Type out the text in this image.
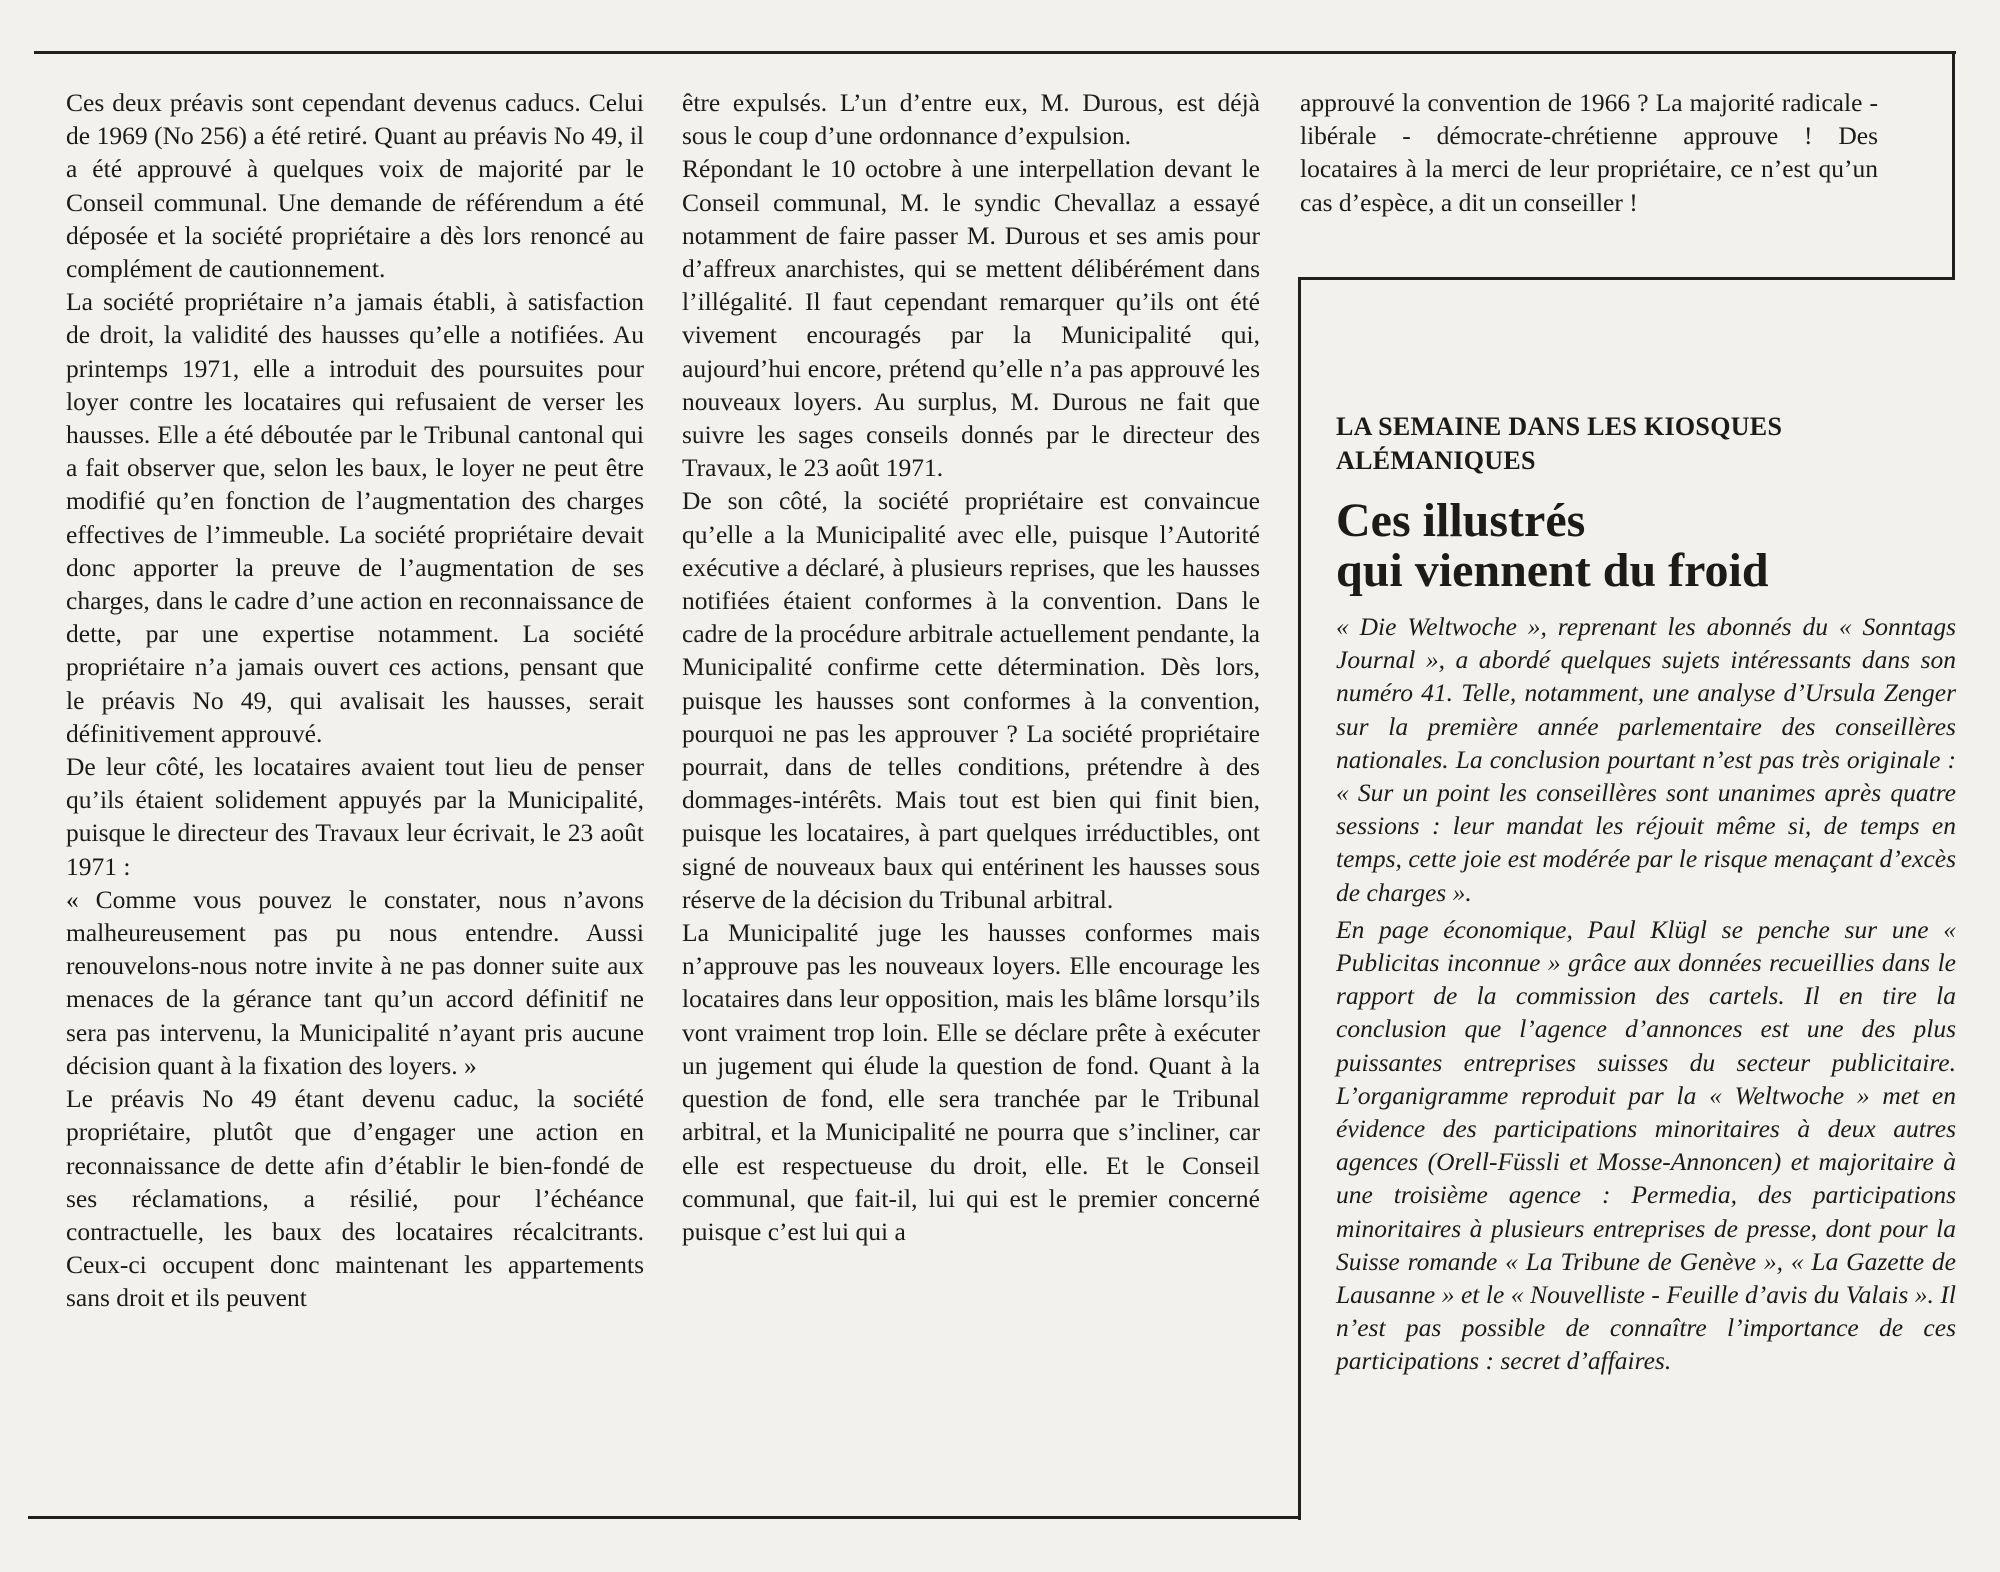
Ces deux préavis sont cependant devenus caducs. Celui de 1969 (No 256) a été retiré. Quant au préavis No 49, il a été approuvé à quelques voix de majorité par le Conseil communal. Une demande de référendum a été déposée et la société propriétaire a dès lors renoncé au complément de cautionnement.

La société propriétaire n’a jamais établi, à satisfaction de droit, la validité des hausses qu’elle a notifiées. Au printemps 1971, elle a introduit des poursuites pour loyer contre les locataires qui refusaient de verser les hausses. Elle a été déboutée par le Tribunal cantonal qui a fait observer que, selon les baux, le loyer ne peut être modifié qu’en fonction de l’augmentation des charges effectives de l’immeuble. La société propriétaire devait donc apporter la preuve de l’augmentation de ses charges, dans le cadre d’une action en reconnaissance de dette, par une expertise notamment. La société propriétaire n’a jamais ouvert ces actions, pensant que le préavis No 49, qui avalisait les hausses, serait définitivement approuvé.

De leur côté, les locataires avaient tout lieu de penser qu’ils étaient solidement appuyés par la Municipalité, puisque le directeur des Travaux leur écrivait, le 23 août 1971 :

« Comme vous pouvez le constater, nous n’avons malheureusement pas pu nous entendre. Aussi renouvelons-nous notre invite à ne pas donner suite aux menaces de la gérance tant qu’un accord définitif ne sera pas intervenu, la Municipalité n’ayant pris aucune décision quant à la fixation des loyers. »

Le préavis No 49 étant devenu caduc, la société propriétaire, plutôt que d’engager une action en reconnaissance de dette afin d’établir le bien-fondé de ses réclamations, a résilié, pour l’échéance contractuelle, les baux des locataires récalcitrants. Ceux-ci occupent donc maintenant les appartements sans droit et ils peuvent

être expulsés. L’un d’entre eux, M. Durous, est déjà sous le coup d’une ordonnance d’expulsion.

Répondant le 10 octobre à une interpellation devant le Conseil communal, M. le syndic Chevallaz a essayé notamment de faire passer M. Durous et ses amis pour d’affreux anarchistes, qui se mettent délibérément dans l’illégalité. Il faut cependant remarquer qu’ils ont été vivement encouragés par la Municipalité qui, aujourd’hui encore, prétend qu’elle n’a pas approuvé les nouveaux loyers. Au surplus, M. Durous ne fait que suivre les sages conseils donnés par le directeur des Travaux, le 23 août 1971.

De son côté, la société propriétaire est convaincue qu’elle a la Municipalité avec elle, puisque l’Autorité exécutive a déclaré, à plusieurs reprises, que les hausses notifiées étaient conformes à la convention. Dans le cadre de la procédure arbitrale actuellement pendante, la Municipalité confirme cette détermination. Dès lors, puisque les hausses sont conformes à la convention, pourquoi ne pas les approuver ? La société propriétaire pourrait, dans de telles conditions, prétendre à des dommages-intérêts. Mais tout est bien qui finit bien, puisque les locataires, à part quelques irréductibles, ont signé de nouveaux baux qui entérinent les hausses sous réserve de la décision du Tribunal arbitral.

La Municipalité juge les hausses conformes mais n’approuve pas les nouveaux loyers. Elle encourage les locataires dans leur opposition, mais les blâme lorsqu’ils vont vraiment trop loin. Elle se déclare prête à exécuter un jugement qui élude la question de fond. Quant à la question de fond, elle sera tranchée par le Tribunal arbitral, et la Municipalité ne pourra que s’incliner, car elle est respectueuse du droit, elle. Et le Conseil communal, que fait-il, lui qui est le premier concerné puisque c’est lui qui a

approuvé la convention de 1966 ? La majorité radicale - libérale - démocrate-chrétienne approuve ! Des locataires à la merci de leur propriétaire, ce n’est qu’un cas d’espèce, a dit un conseiller !

LA SEMAINE DANS LES KIOSQUES ALÉMANIQUES

Ces illustrés
qui viennent du froid

« Die Weltwoche », reprenant les abonnés du « Sonntags Journal », a abordé quelques sujets intéressants dans son numéro 41. Telle, notamment, une analyse d’Ursula Zenger sur la première année parlementaire des conseillères nationales. La conclusion pourtant n’est pas très originale : « Sur un point les conseillères sont unanimes après quatre sessions : leur mandat les réjouit même si, de temps en temps, cette joie est modérée par le risque menaçant d’excès de charges ».

En page économique, Paul Klügl se penche sur une « Publicitas inconnue » grâce aux données recueillies dans le rapport de la commission des cartels. Il en tire la conclusion que l’agence d’annonces est une des plus puissantes entreprises suisses du secteur publicitaire. L’organigramme reproduit par la « Weltwoche » met en évidence des participations minoritaires à deux autres agences (Orell-Füssli et Mosse-Annoncen) et majoritaire à une troisième agence : Permedia, des participations minoritaires à plusieurs entreprises de presse, dont pour la Suisse romande « La Tribune de Genève », « La Gazette de Lausanne » et le « Nouvelliste - Feuille d’avis du Valais ». Il n’est pas possible de connaître l’importance de ces participations : secret d’affaires.
